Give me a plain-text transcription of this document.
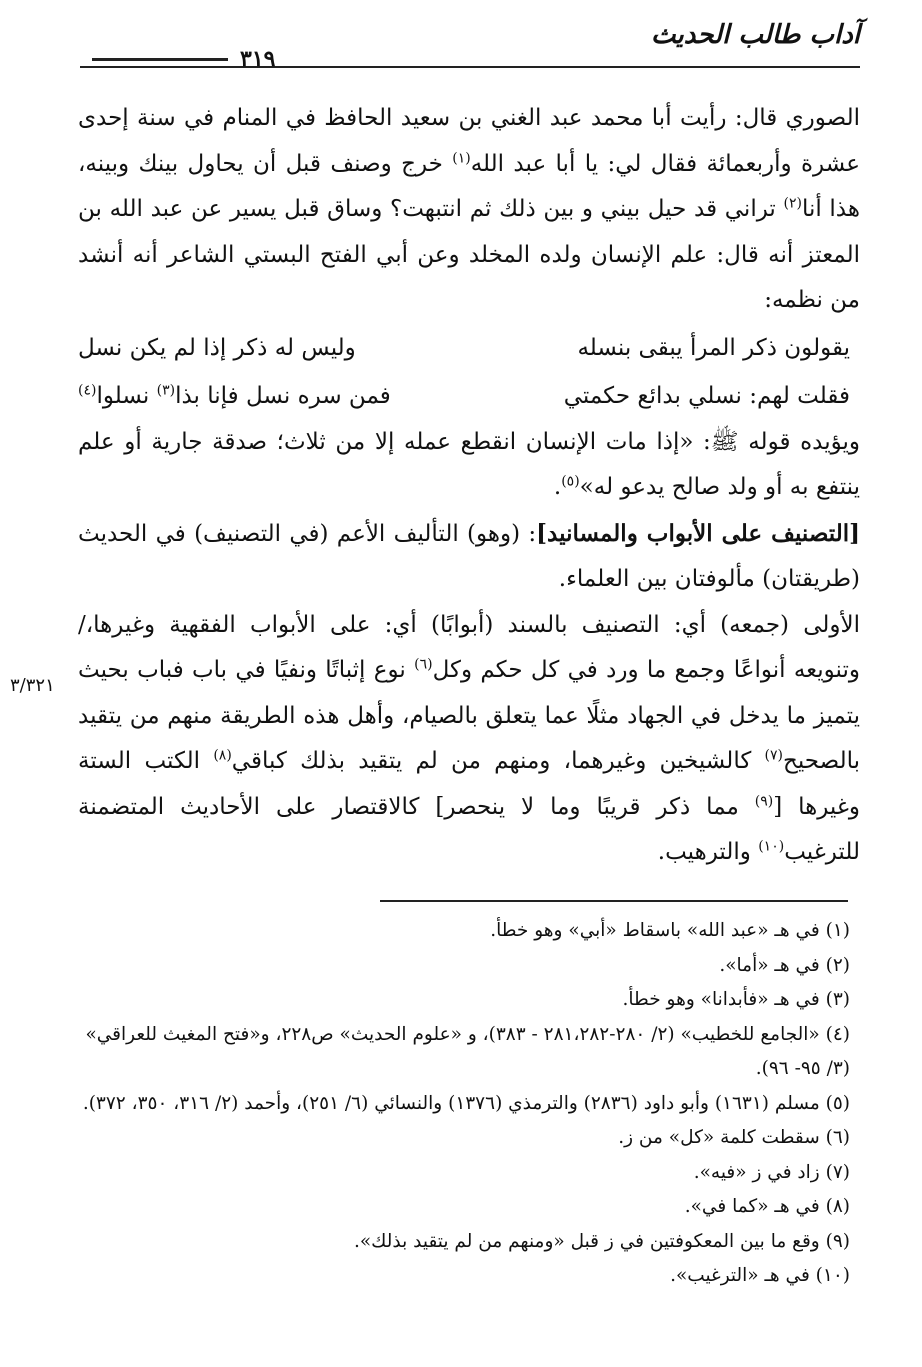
آداب طالب الحديث
٣١٩
٣/٣٢١

الصوري قال: رأيت أبا محمد عبد الغني بن سعيد الحافظ في المنام في سنة إحدى عشرة وأربعمائة فقال لي: يا أبا عبد الله$^{(١)}$ خرج وصنف قبل أن يحاول بينك وبينه، هذا أنا$^{(٢)}$ تراني قد حيل بيني و بين ذلك ثم انتبهت؟ وساق قبل يسير عن عبد الله بن المعتز أنه قال: علم الإنسان ولده المخلد وعن أبي الفتح البستي الشاعر أنه أنشد من نظمه:

يقولون ذكر المرأ يبقى بنسله
وليس له ذكر إذا لم يكن نسل
فقلت لهم: نسلي بدائع حكمتي
فمن سره نسل فإنا بذا$^{(٣)}$ نسلوا$^{(٤)}$

ويؤيده قوله ﷺ: «إذا مات الإنسان انقطع عمله إلا من ثلاث؛ صدقة جارية أو علم ينتفع به أو ولد صالح يدعو له»$^{(٥)}$.

[التصنيف على الأبواب والمسانيد]: (وهو) التأليف الأعم (في التصنيف) في الحديث (طريقتان) مألوفتان بين العلماء.

الأولى (جمعه) أي: التصنيف بالسند (أبوابًا) أي: على الأبواب الفقهية وغيرها،/ وتنويعه أنواعًا وجمع ما ورد في كل حكم وكل$^{(٦)}$ نوع إثباتًا ونفيًا في باب فباب بحيث يتميز ما يدخل في الجهاد مثلًا عما يتعلق بالصيام، وأهل هذه الطريقة منهم من يتقيد بالصحيح$^{(٧)}$ كالشيخين وغيرهما، ومنهم من لم يتقيد بذلك كباقي$^{(٨)}$ الكتب الستة وغيرها [$^{(٩)}$ مما ذكر قريبًا وما لا ينحصر] كالاقتصار على الأحاديث المتضمنة للترغيب$^{(١٠)}$ والترهيب.

(١) في هـ «عبد الله» باسقاط «أبي» وهو خطأ.

(٢) في هـ «أما».

(٣) في هـ «فأبدانا» وهو خطأ.

(٤) «الجامع للخطيب» (٢/ ٢٨٠-٢٨١،٢٨٢ - ٣٨٣)، و «علوم الحديث» ص٢٢٨، و«فتح المغيث للعراقي» (٣/ ٩٥- ٩٦).

(٥) مسلم (١٦٣١) وأبو داود (٢٨٣٦) والترمذي (١٣٧٦) والنسائي (٦/ ٢٥١)، وأحمد (٢/ ٣١٦، ٣٥٠، ٣٧٢).

(٦) سقطت كلمة «كل» من ز.

(٧) زاد في ز «فيه».

(٨) في هـ «كما في».

(٩) وقع ما بين المعكوفتين في ز قبل «ومنهم من لم يتقيد بذلك».

(١٠) في هـ «الترغيب».
